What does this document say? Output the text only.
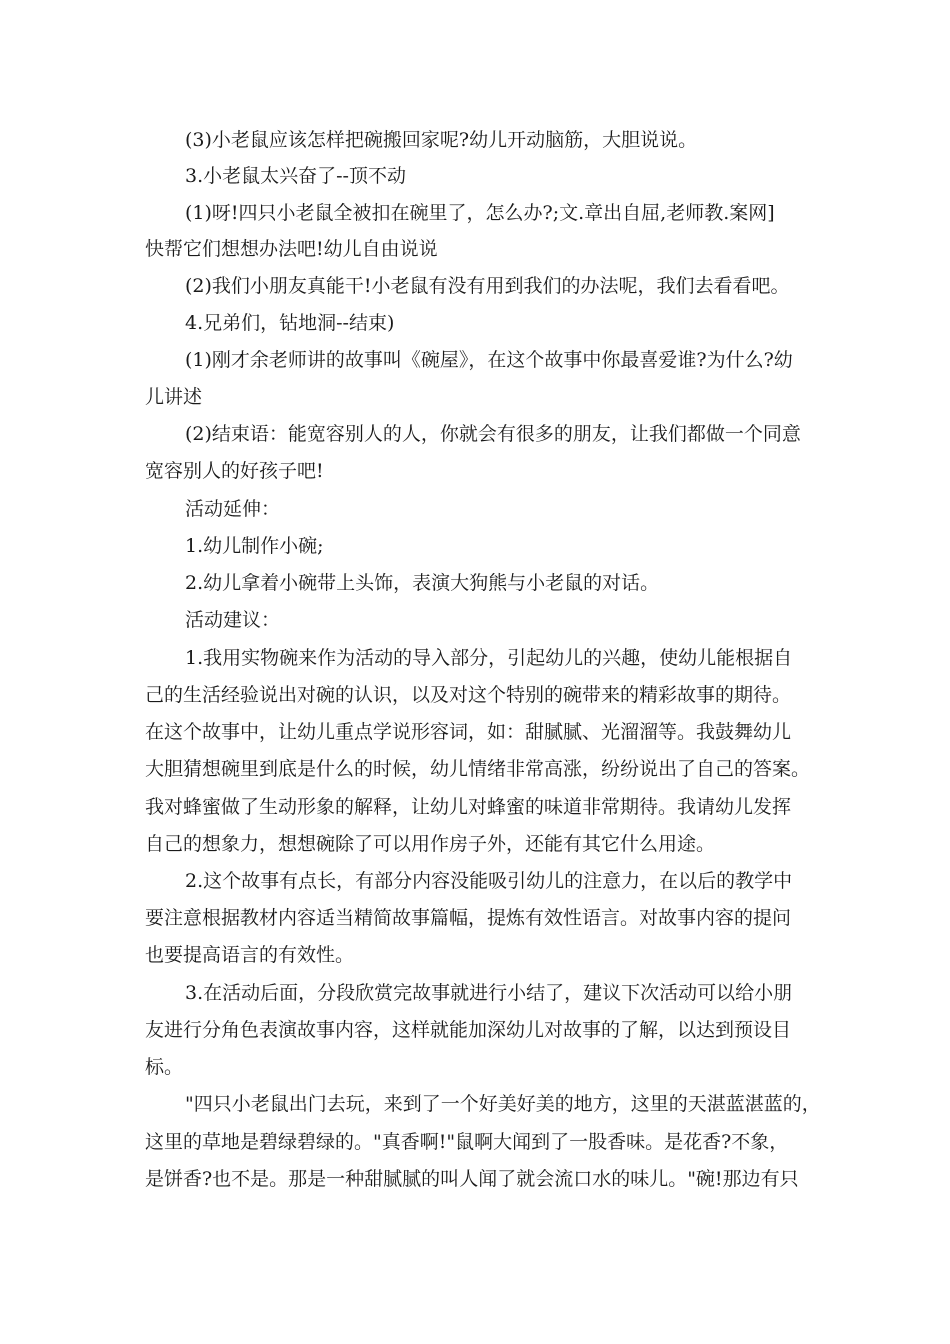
(3)小老鼠应该怎样把碗搬回家呢?幼儿开动脑筋，大胆说说。
3.小老鼠太兴奋了--顶不动
(1)呀!四只小老鼠全被扣在碗里了，怎么办?;文.章出自屈,老师教.案网]
快帮它们想想办法吧!幼儿自由说说
(2)我们小朋友真能干!小老鼠有没有用到我们的办法呢，我们去看看吧。
4.兄弟们，钻地洞--结束)
(1)刚才余老师讲的故事叫《碗屋》，在这个故事中你最喜爱谁?为什么?幼
儿讲述
(2)结束语：能宽容别人的人，你就会有很多的朋友，让我们都做一个同意
宽容别人的好孩子吧!
活动延伸：
1.幼儿制作小碗;
2.幼儿拿着小碗带上头饰，表演大狗熊与小老鼠的对话。
活动建议：
1.我用实物碗来作为活动的导入部分，引起幼儿的兴趣，使幼儿能根据自
己的生活经验说出对碗的认识，以及对这个特别的碗带来的精彩故事的期待。
在这个故事中，让幼儿重点学说形容词，如：甜腻腻、光溜溜等。我鼓舞幼儿
大胆猜想碗里到底是什么的时候，幼儿情绪非常高涨，纷纷说出了自己的答案。
我对蜂蜜做了生动形象的解释，让幼儿对蜂蜜的味道非常期待。我请幼儿发挥
自己的想象力，想想碗除了可以用作房子外，还能有其它什么用途。
2.这个故事有点长，有部分内容没能吸引幼儿的注意力，在以后的教学中
要注意根据教材内容适当精简故事篇幅，提炼有效性语言。对故事内容的提问
也要提高语言的有效性。
3.在活动后面，分段欣赏完故事就进行小结了，建议下次活动可以给小朋
友进行分角色表演故事内容，这样就能加深幼儿对故事的了解，以达到预设目
标。
"四只小老鼠出门去玩，来到了一个好美好美的地方，这里的天湛蓝湛蓝的，
这里的草地是碧绿碧绿的。"真香啊!"鼠啊大闻到了一股香味。是花香?不象，
是饼香?也不是。那是一种甜腻腻的叫人闻了就会流口水的味儿。"碗!那边有只
